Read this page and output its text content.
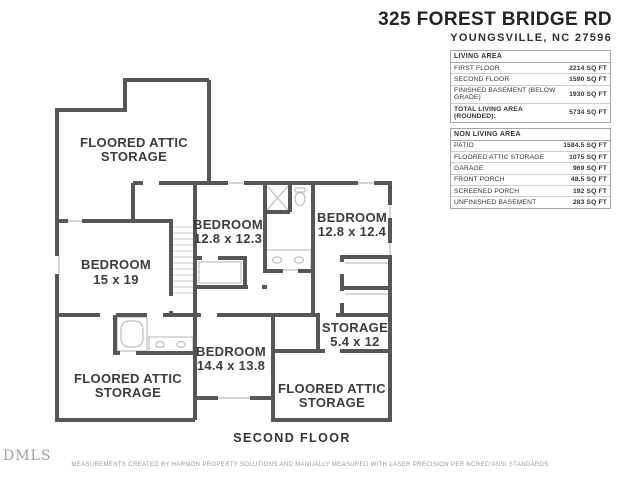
325 FOREST BRIDGE RD
YOUNGSVILLE, NC 27596
LIVING AREA
FIRST FLOOR	2214 SQ FT
SECOND FLOOR	1590 SQ FT
FINISHED BASEMENT (BELOW GRADE)	1930 SQ FT
TOTAL LIVING AREA (ROUNDED):	5734 SQ FT
NON LIVING AREA
PATIO	1584.5 SQ FT
FLOORED ATTIC STORAGE	1075 SQ FT
GARAGE	969 SQ FT
FRONT PORCH	48.5 SQ FT
SCREENED PORCH	192 SQ FT
UNFINISHED BASEMENT	283 SQ FT
FLOORED ATTIC
STORAGE
BEDROOM
15 x 19
BEDROOM
12.8 x 12.3
BEDROOM
12.8 x 12.4
STORAGE
5.4 x 12
BEDROOM
14.4 x 13.8
FLOORED ATTIC
STORAGE	FLOORED ATTIC
STORAGE
SECOND FLOOR
DMLS
MEASUREMENTS CREATED BY HARMON PROPERTY SOLUTIONS AND MANUALLY MEASURED WITH LASER PRECISION PER NCREC/ANSI STANDARDS
